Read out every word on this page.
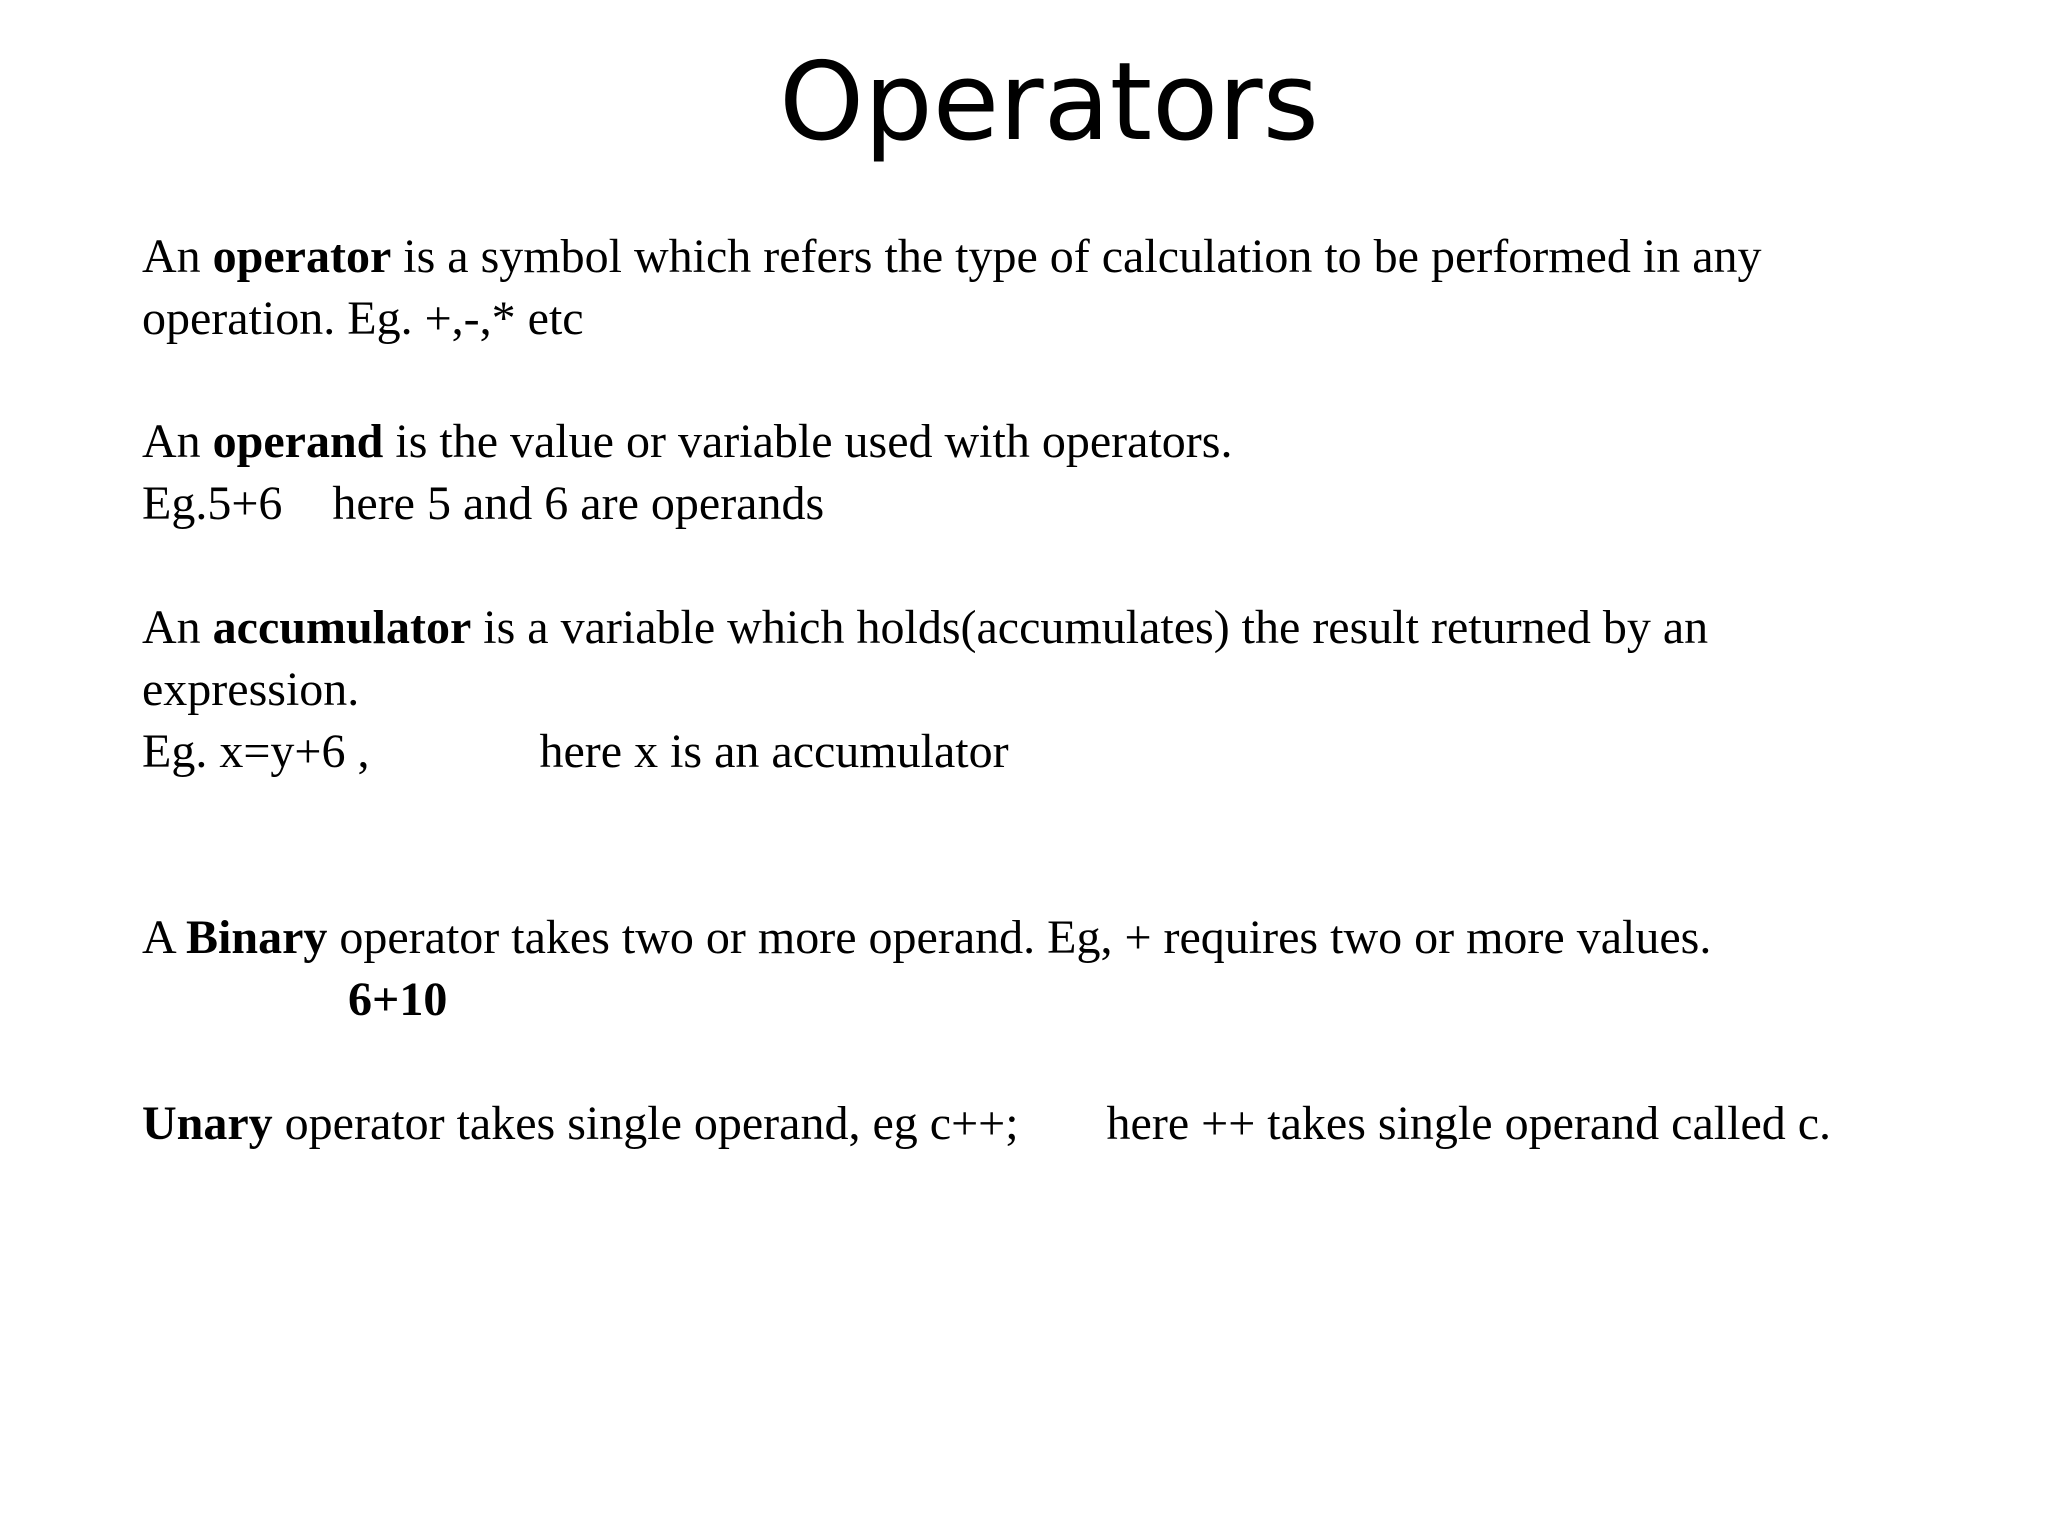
Operators

An operator is a symbol which refers the type of calculation to be performed in any

operation. Eg. +,-,* etc

An operand is the value or variable used with operators.

Eg.5+6 here 5 and 6 are operands

An accumulator is a variable which holds(accumulates) the result returned by an

expression.

Eg. x=y+6 ,	here x is an accumulator

A Binary operator takes two or more operand. Eg, + requires two or more values.

6+10

Unary operator takes single operand, eg c++; here ++ takes single operand called c.
